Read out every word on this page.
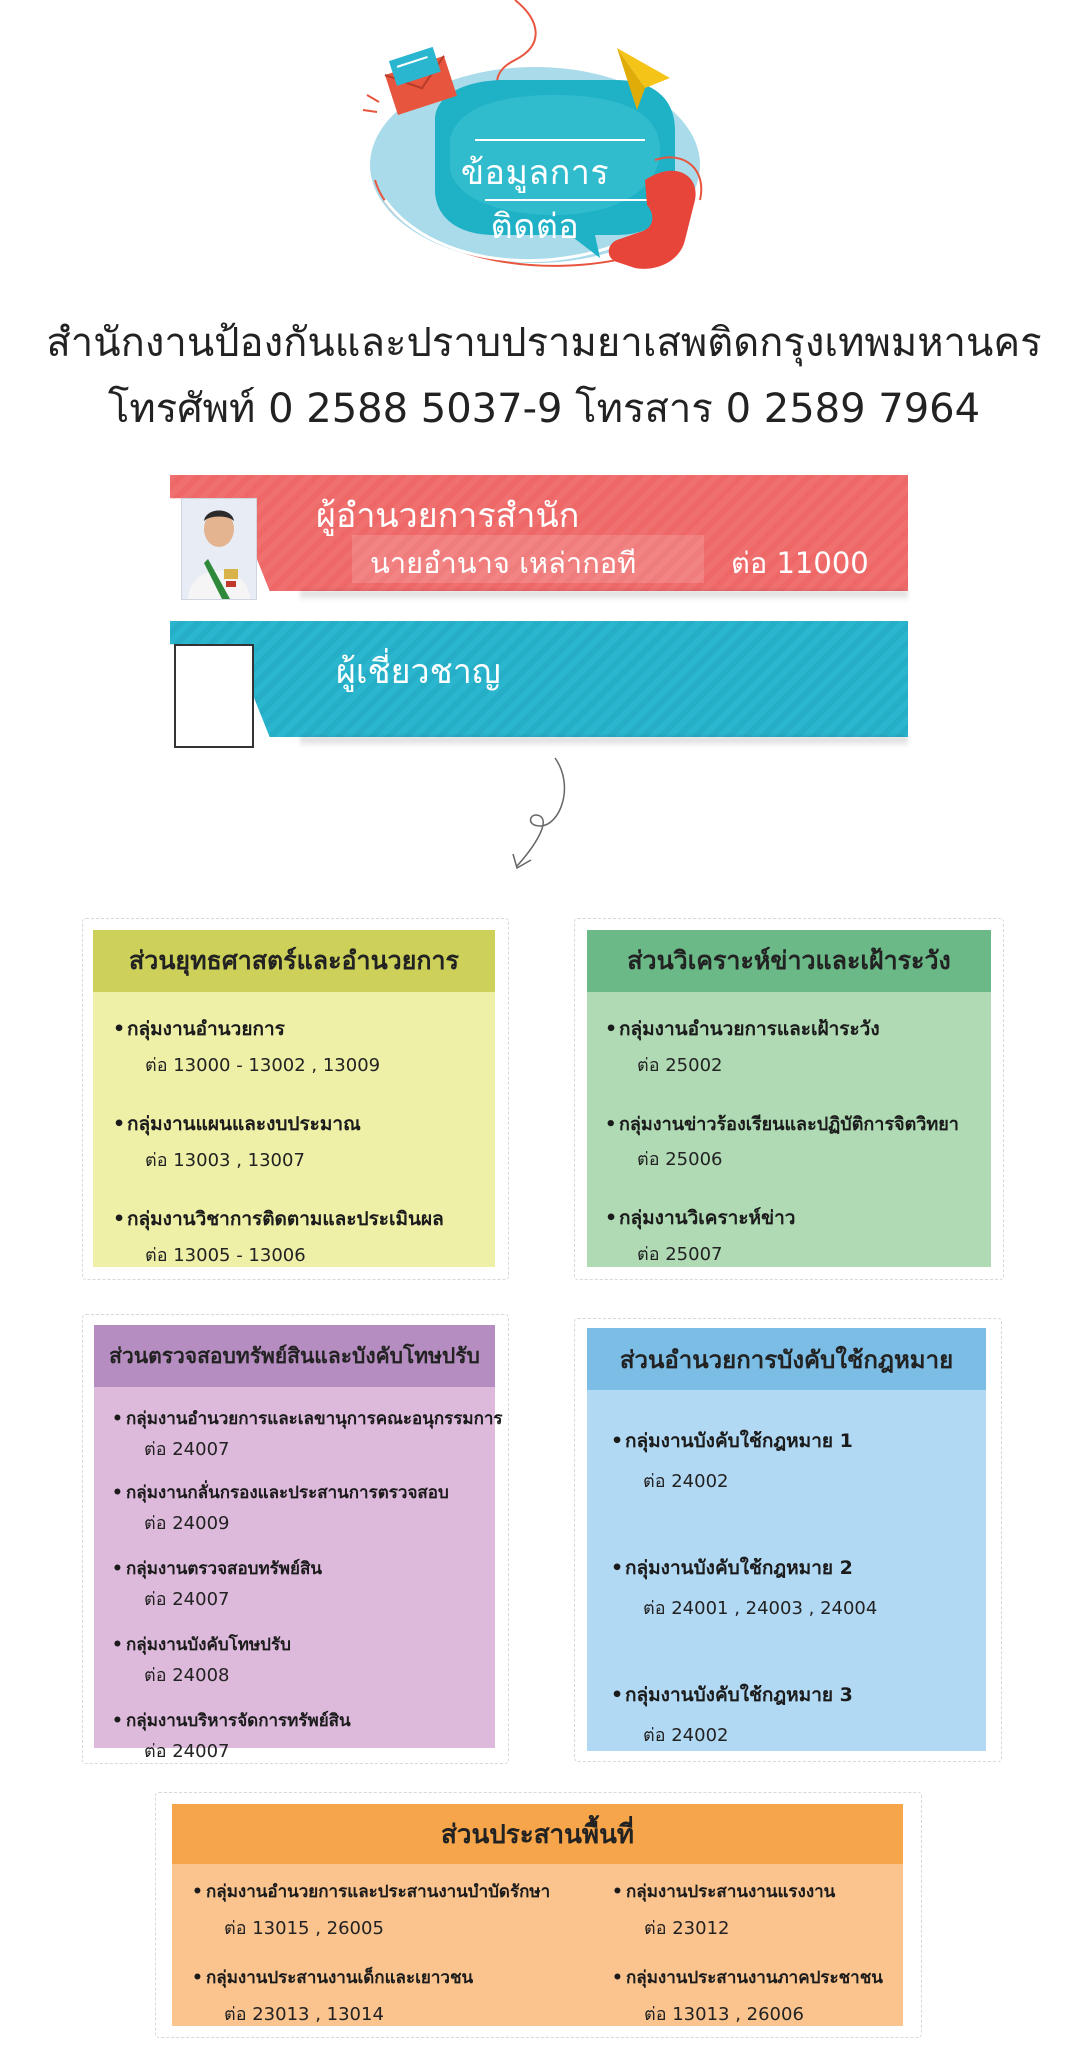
ข้อมูลการติดต่อ
สำนักงานป้องกันและปราบปรามยาเสพติดกรุงเทพมหานคร
โทรศัพท์ 0 2588 5037-9 โทรสาร 0 2589 7964
ผู้อำนวยการสำนัก
นายอำนาจ เหล่ากอที	ต่อ 11000
ผู้เชี่ยวชาญ
ส่วนยุทธศาสตร์และอำนวยการ
•กลุ่มงานอำนวยการ
ต่อ 13000 - 13002 , 13009
•กลุ่มงานแผนและงบประมาณ
ต่อ 13003 , 13007
•กลุ่มงานวิชาการติดตามและประเมินผล
ต่อ 13005 - 13006
ส่วนวิเคราะห์ข่าวและเฝ้าระวัง
•กลุ่มงานอำนวยการและเฝ้าระวัง
ต่อ 25002
• กลุ่มงานข่าวร้องเรียนและปฏิบัติการจิตวิทยา
ต่อ 25006
•กลุ่มงานวิเคราะห์ข่าว
ต่อ 25007
ส่วนตรวจสอบทรัพย์สินและบังคับโทษปรับ
• กลุ่มงานอำนวยการและเลขานุการคณะอนุกรรมการ
ต่อ 24007
• กลุ่มงานกลั่นกรองและประสานการตรวจสอบ
ต่อ 24009
• กลุ่มงานตรวจสอบทรัพย์สิน
ต่อ 24007
• กลุ่มงานบังคับโทษปรับ
ต่อ 24008
• กลุ่มงานบริหารจัดการทรัพย์สิน
ต่อ 24007
ส่วนอำนวยการบังคับใช้กฎหมาย
•กลุ่มงานบังคับใช้กฎหมาย 1
ต่อ 24002
•กลุ่มงานบังคับใช้กฎหมาย 2
ต่อ 24001 , 24003 , 24004
•กลุ่มงานบังคับใช้กฎหมาย 3
ต่อ 24002
ส่วนประสานพื้นที่
• กลุ่มงานอำนวยการและประสานงานบำบัดรักษา
ต่อ 13015 , 26005
• กลุ่มงานประสานงานแรงงาน
ต่อ 23012
• กลุ่มงานประสานงานเด็กและเยาวชน
ต่อ 23013 , 13014
• กลุ่มงานประสานงานภาคประชาชน
ต่อ 13013 , 26006
